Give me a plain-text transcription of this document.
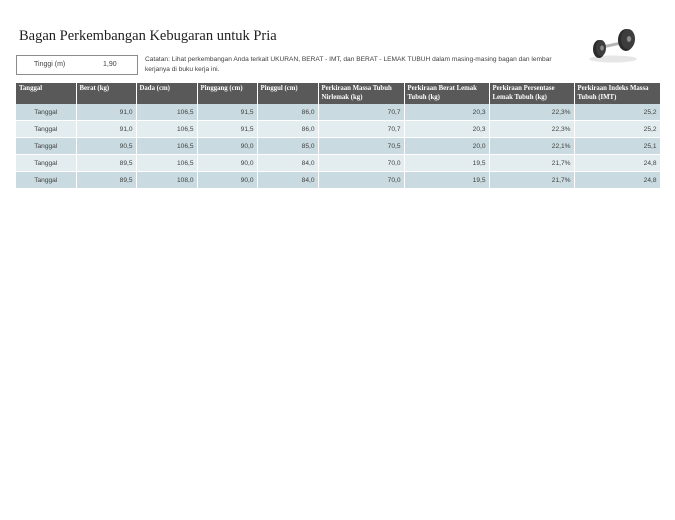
Bagan Perkembangan Kebugaran untuk Pria
Tinggi (m)	1,90
Catatan: Lihat perkembangan Anda terkait UKURAN, BERAT - IMT, dan BERAT - LEMAK TUBUH dalam masing-masing bagan dan lembar kerjanya di buku kerja ini.
Tanggal	Berat (kg)	Dada (cm)	Pinggang (cm)	Pinggul (cm)	Perkiraan Massa Tubuh Nirlemak (kg)	Perkiraan Berat Lemak Tubuh (kg)	Perkiraan Persentase Lemak Tubuh (kg)	Perkiraan Indeks Massa Tubuh (IMT)
Tanggal	91,0	106,5	91,5	86,0	70,7	20,3	22,3%	25,2
Tanggal	91,0	106,5	91,5	86,0	70,7	20,3	22,3%	25,2
Tanggal	90,5	106,5	90,0	85,0	70,5	20,0	22,1%	25,1
Tanggal	89,5	106,5	90,0	84,0	70,0	19,5	21,7%	24,8
Tanggal	89,5	108,0	90,0	84,0	70,0	19,5	21,7%	24,8
